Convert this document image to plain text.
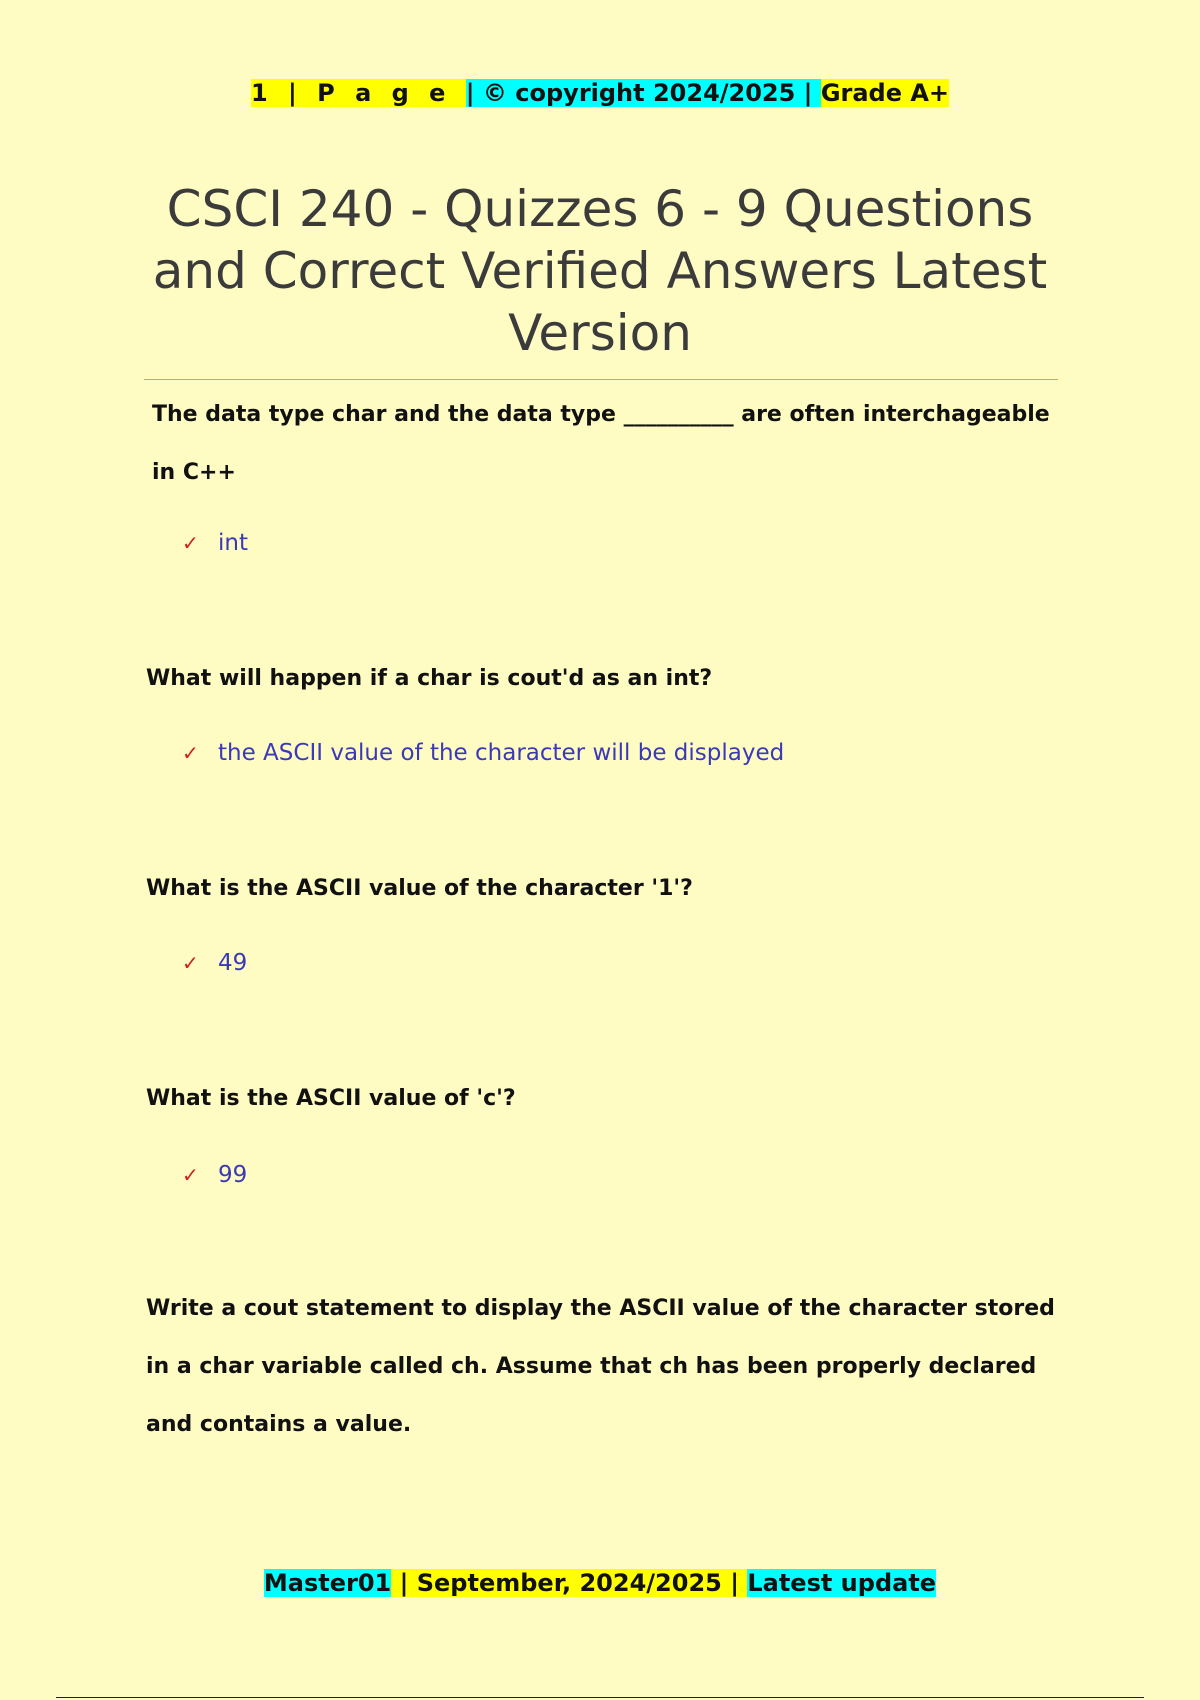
1 | P a g e | © copyright 2024/2025 | Grade A+
CSCI 240 - Quizzes 6 - 9 Questions and Correct Verified Answers Latest Version

The data type char and the data type __________ are often interchageable in C++

✓ int

What will happen if a char is cout'd as an int?

✓ the ASCII value of the character will be displayed

What is the ASCII value of the character '1'?

✓ 49

What is the ASCII value of 'c'?

✓ 99

Write a cout statement to display the ASCII value of the character stored in a char variable called ch. Assume that ch has been properly declared and contains a value.

Master01 | September, 2024/2025 | Latest update
